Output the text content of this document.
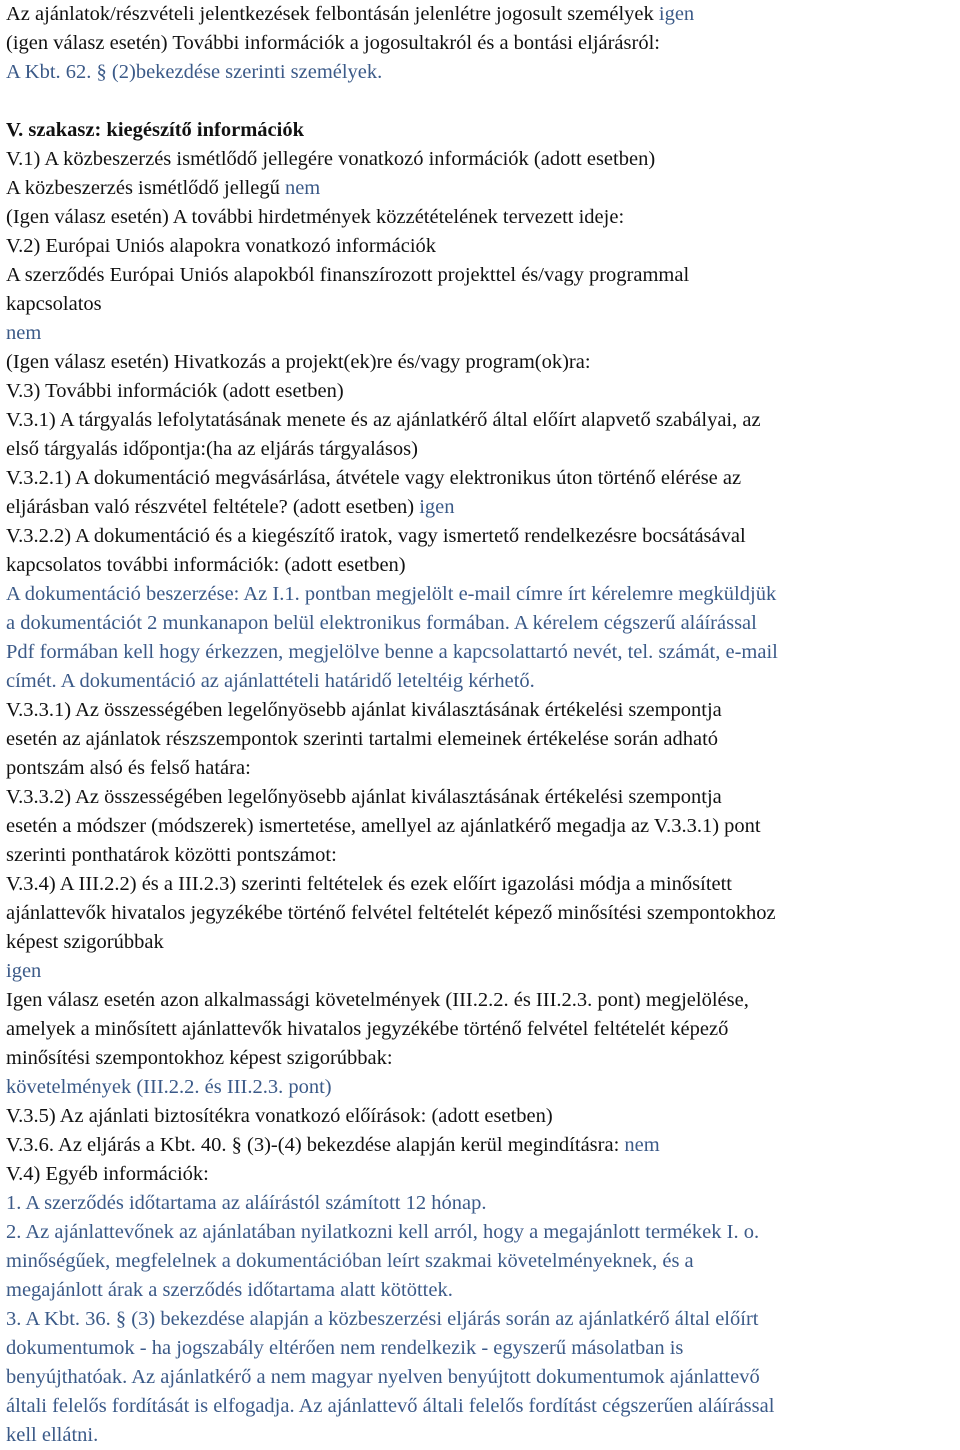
Az ajánlatok/részvételi jelentkezések felbontásán jelenlétre jogosult személyek igen
(igen válasz esetén) További információk a jogosultakról és a bontási eljárásról:
A Kbt. 62. § (2)bekezdése szerinti személyek.
V. szakasz: kiegészítő információk
V.1) A közbeszerzés ismétlődő jellegére vonatkozó információk (adott esetben)
A közbeszerzés ismétlődő jellegű nem
(Igen válasz esetén) A további hirdetmények közzétételének tervezett ideje:
V.2) Európai Uniós alapokra vonatkozó információk
A szerződés Európai Uniós alapokból finanszírozott projekttel és/vagy programmal
kapcsolatos
nem
(Igen válasz esetén) Hivatkozás a projekt(ek)re és/vagy program(ok)ra:
V.3) További információk (adott esetben)
V.3.1) A tárgyalás lefolytatásának menete és az ajánlatkérő által előírt alapvető szabályai, az
első tárgyalás időpontja:(ha az eljárás tárgyalásos)
V.3.2.1) A dokumentáció megvásárlása, átvétele vagy elektronikus úton történő elérése az
eljárásban való részvétel feltétele? (adott esetben) igen
V.3.2.2) A dokumentáció és a kiegészítő iratok, vagy ismertető rendelkezésre bocsátásával
kapcsolatos további információk: (adott esetben)
A dokumentáció beszerzése: Az I.1. pontban megjelölt e-mail címre írt kérelemre megküldjük
a dokumentációt 2 munkanapon belül elektronikus formában. A kérelem cégszerű aláírással
Pdf formában kell hogy érkezzen, megjelölve benne a kapcsolattartó nevét, tel. számát, e-mail
címét. A dokumentáció az ajánlattételi határidő leteltéig kérhető.
V.3.3.1) Az összességében legelőnyösebb ajánlat kiválasztásának értékelési szempontja
esetén az ajánlatok részszempontok szerinti tartalmi elemeinek értékelése során adható
pontszám alsó és felső határa:
V.3.3.2) Az összességében legelőnyösebb ajánlat kiválasztásának értékelési szempontja
esetén a módszer (módszerek) ismertetése, amellyel az ajánlatkérő megadja az V.3.3.1) pont
szerinti ponthatárok közötti pontszámot:
V.3.4) A III.2.2) és a III.2.3) szerinti feltételek és ezek előírt igazolási módja a minősített
ajánlattevők hivatalos jegyzékébe történő felvétel feltételét képező minősítési szempontokhoz
képest szigorúbbak
igen
Igen válasz esetén azon alkalmassági követelmények (III.2.2. és III.2.3. pont) megjelölése,
amelyek a minősített ajánlattevők hivatalos jegyzékébe történő felvétel feltételét képező
minősítési szempontokhoz képest szigorúbbak:
követelmények (III.2.2. és III.2.3. pont)
V.3.5) Az ajánlati biztosítékra vonatkozó előírások: (adott esetben)
V.3.6. Az eljárás a Kbt. 40. § (3)-(4) bekezdése alapján kerül megindításra: nem
V.4) Egyéb információk:
1. A szerződés időtartama az aláírástól számított 12 hónap.
2. Az ajánlattevőnek az ajánlatában nyilatkozni kell arról, hogy a megajánlott termékek I. o.
minőségűek, megfelelnek a dokumentációban leírt szakmai követelményeknek, és a
megajánlott árak a szerződés időtartama alatt kötöttek.
3. A Kbt. 36. § (3) bekezdése alapján a közbeszerzési eljárás során az ajánlatkérő által előírt
dokumentumok - ha jogszabály eltérően nem rendelkezik - egyszerű másolatban is
benyújthatóak. Az ajánlatkérő a nem magyar nyelven benyújtott dokumentumok ajánlattevő
általi felelős fordítását is elfogadja. Az ajánlattevő általi felelős fordítást cégszerűen aláírással
kell ellátni.
